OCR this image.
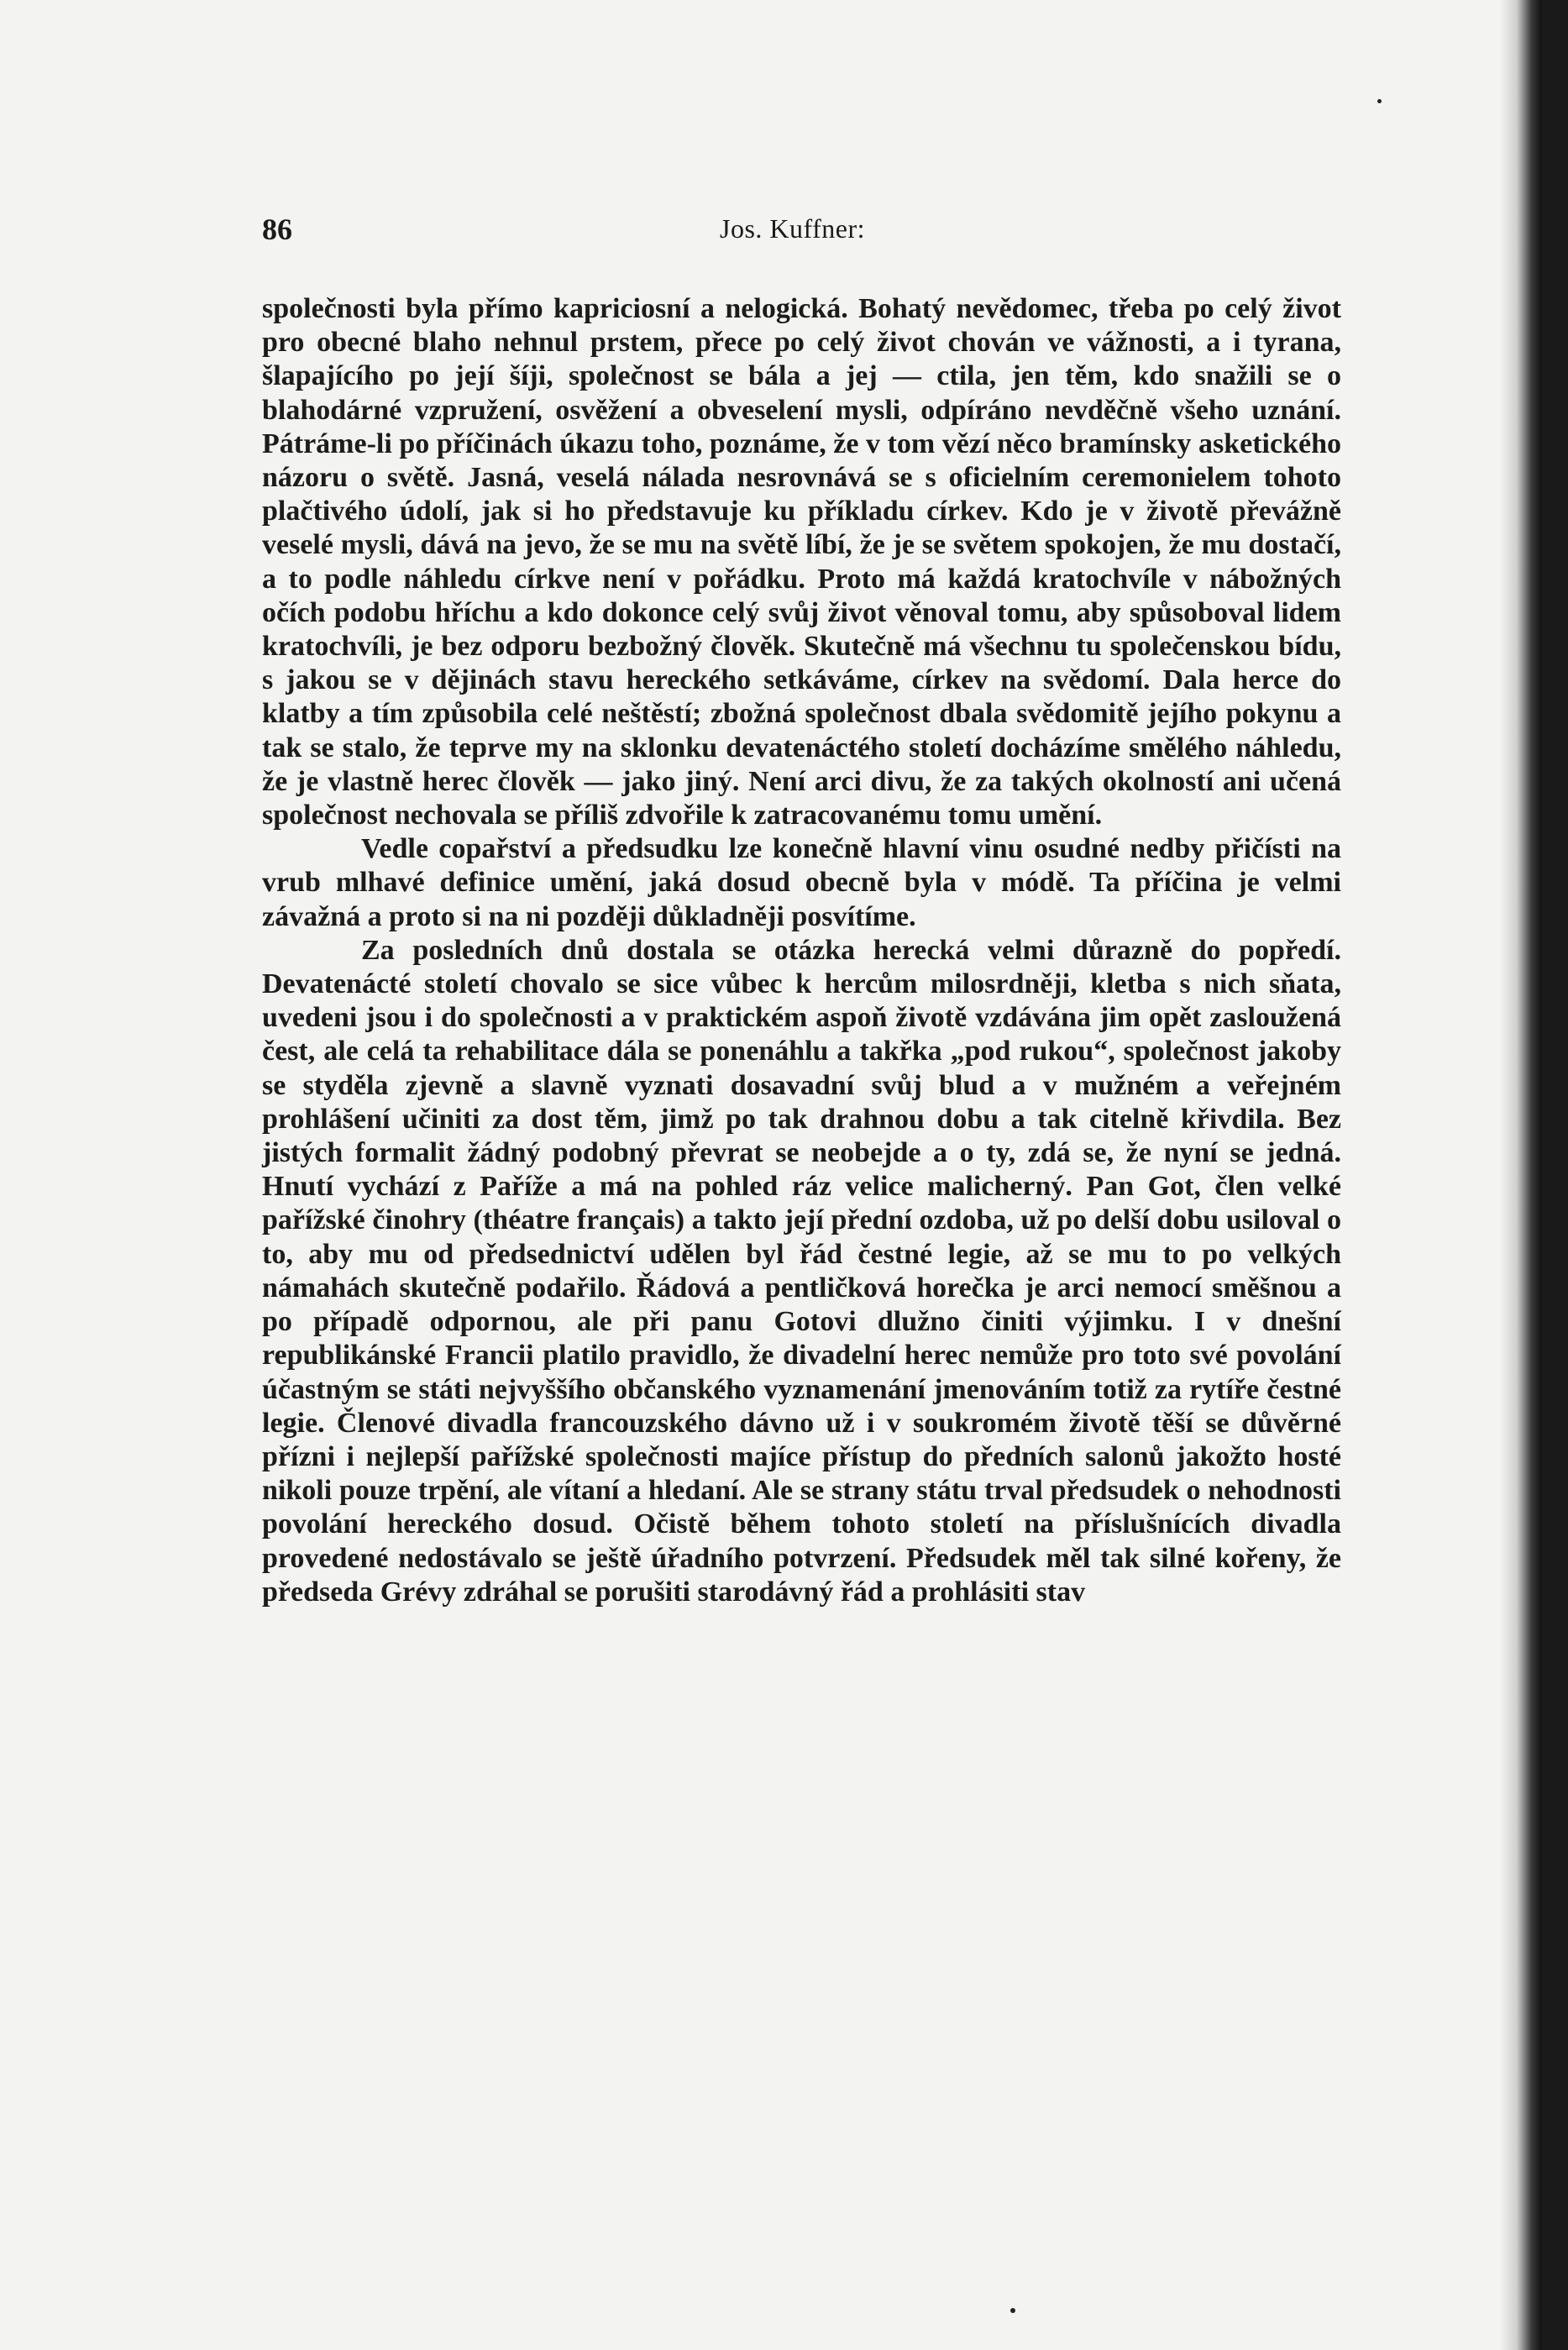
86	Jos. Kuffner:

společnosti byla přímo kapriciosní a nelogická. Bohatý nevědomec, třeba po celý život pro obecné blaho nehnul prstem, přece po celý život chován ve vážnosti, a i tyrana, šlapajícího po její šíji, společnost se bála a jej — ctila, jen těm, kdo snažili se o blahodárné vzpružení, osvěžení a obveselení mysli, odpíráno nevděčně všeho uznání. Pátráme-li po příčinách úkazu toho, poznáme, že v tom vězí něco bramínsky asketického názoru o světě. Jasná, veselá nálada nesrovnává se s oficielním ceremonielem tohoto plačtivého údolí, jak si ho představuje ku příkladu církev. Kdo je v životě převážně veselé mysli, dává na jevo, že se mu na světě líbí, že je se světem spokojen, že mu dostačí, a to podle náhledu církve není v pořádku. Proto má každá kratochvíle v nábožných očích podobu hříchu a kdo dokonce celý svůj život věnoval tomu, aby spůsoboval lidem kratochvíli, je bez odporu bezbožný člověk. Skutečně má všechnu tu společenskou bídu, s jakou se v dějinách stavu hereckého setkáváme, církev na svědomí. Dala herce do klatby a tím způsobila celé neštěstí; zbožná společnost dbala svědomitě jejího pokynu a tak se stalo, že teprve my na sklonku devatenáctého století docházíme smělého náhledu, že je vlastně herec člověk — jako jiný. Není arci divu, že za takých okolností ani učená společnost nechovala se příliš zdvořile k zatracovanému tomu umění.

Vedle copařství a předsudku lze konečně hlavní vinu osudné nedby přičísti na vrub mlhavé definice umění, jaká dosud obecně byla v módě. Ta příčina je velmi závažná a proto si na ni později důkladněji posvítíme.

Za posledních dnů dostala se otázka herecká velmi důrazně do popředí. Devatenácté století chovalo se sice vůbec k hercům milosrdněji, kletba s nich sňata, uvedeni jsou i do společnosti a v praktickém aspoň životě vzdávána jim opět zasloužená čest, ale celá ta rehabilitace dála se ponenáhlu a takřka „pod rukou“, společnost jakoby se styděla zjevně a slavně vyznati dosavadní svůj blud a v mužném a veřejném prohlášení učiniti za dost těm, jimž po tak drahnou dobu a tak citelně křivdila. Bez jistých formalit žádný podobný převrat se neobejde a o ty, zdá se, že nyní se jedná. Hnutí vychází z Paříže a má na pohled ráz velice malicherný. Pan Got, člen velké pařížské činohry (théatre français) a takto její přední ozdoba, už po delší dobu usiloval o to, aby mu od předsednictví udělen byl řád čestné legie, až se mu to po velkých námahách skutečně podařilo. Řádová a pentličková horečka je arci nemocí směšnou a po případě odpornou, ale při panu Gotovi dlužno činiti výjimku. I v dnešní republikánské Francii platilo pravidlo, že divadelní herec nemůže pro toto své povolání účastným se státi nejvyššího občanského vyznamenání jmenováním totiž za rytíře čestné legie. Členové divadla francouzského dávno už i v soukromém životě těší se důvěrné přízni i nejlepší pařížské společnosti majíce přístup do předních salonů jakožto hosté nikoli pouze trpění, ale vítaní a hledaní. Ale se strany státu trval předsudek o nehodnosti povolání hereckého dosud. Očistě během tohoto století na příslušnících divadla provedené nedostávalo se ještě úřadního potvrzení. Předsudek měl tak silné kořeny, že předseda Grévy zdráhal se porušiti starodávný řád a prohlásiti stav
